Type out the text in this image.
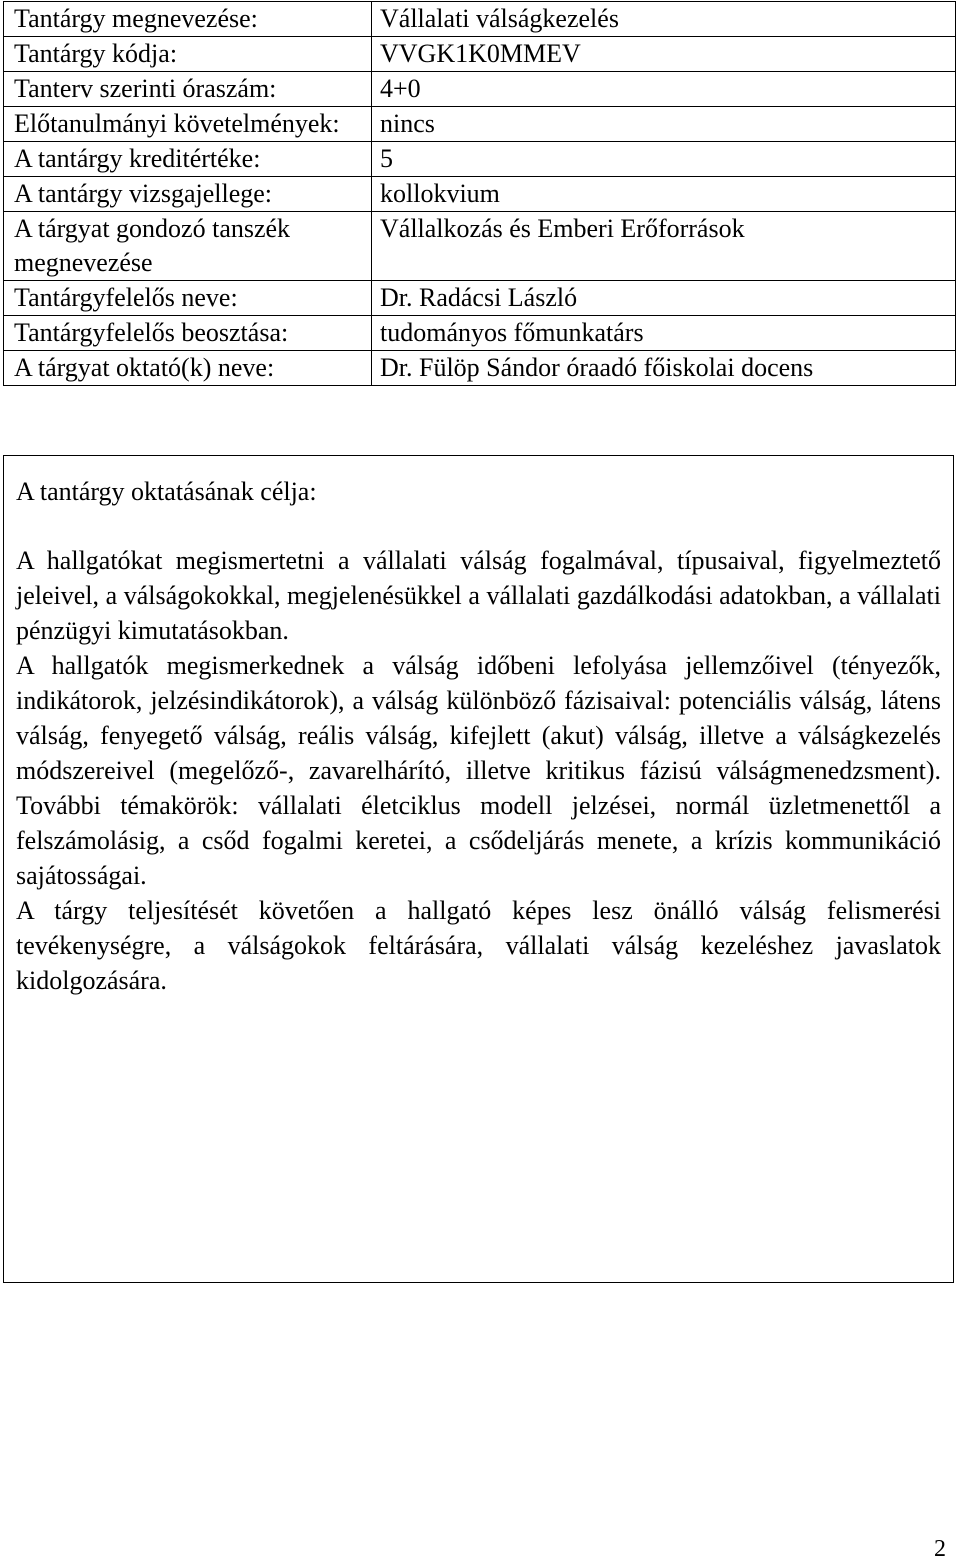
Tantárgy megnevezése:	Vállalati válságkezelés
Tantárgy kódja:	VVGK1K0MMEV
Tanterv szerinti óraszám:	4+0
Előtanulmányi követelmények:	nincs
A tantárgy kreditértéke:	5
A tantárgy vizsgajellege:	kollokvium
A tárgyat gondozó tanszék megnevezése	Vállalkozás és Emberi Erőforrások
Tantárgyfelelős neve:	Dr. Radácsi László
Tantárgyfelelős beosztása:	tudományos főmunkatárs
A tárgyat oktató(k) neve:	Dr. Fülöp Sándor óraadó főiskolai docens

A tantárgy oktatásának célja:

A hallgatókat megismertetni a vállalati válság fogalmával, típusaival, figyelmeztető jeleivel, a válságokokkal, megjelenésükkel a vállalati gazdálkodási adatokban, a vállalati pénzügyi kimutatásokban.

A hallgatók megismerkednek a válság időbeni lefolyása jellemzőivel (tényezők, indikátorok, jelzésindikátorok), a válság különböző fázisaival: potenciális válság, látens válság, fenyegető válság, reális válság, kifejlett (akut) válság, illetve a válságkezelés módszereivel (megelőző-, zavarelhárító, illetve kritikus fázisú válságmenedzsment). További témakörök: vállalati életciklus modell jelzései, normál üzletmenettől a felszámolásig, a csőd fogalmi keretei, a csődeljárás menete, a krízis kommunikáció sajátosságai.

A tárgy teljesítését követően a hallgató képes lesz önálló válság felismerési tevékenységre, a válságokok feltárására, vállalati válság kezeléshez javaslatok kidolgozására.

2
